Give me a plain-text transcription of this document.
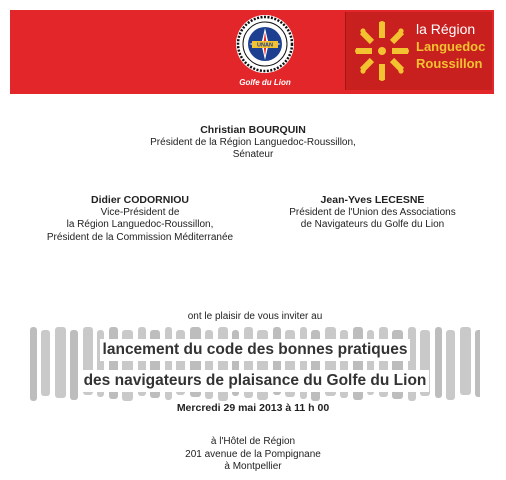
UNAN
Golfe du Lion
la Région
Languedoc
Roussillon
Christian BOURQUIN
Président de la Région Languedoc-Roussillon,
Sénateur
Didier CODORNIOU
Vice-Président de
la Région Languedoc-Roussillon,
Président de la Commission Méditerranée
Jean-Yves LECESNE
Président de l'Union des Associations
de Navigateurs du Golfe du Lion
ont le plaisir de vous inviter au
lancement du code des bonnes pratiques
des navigateurs de plaisance du Golfe du Lion
Mercredi 29 mai 2013 à 11 h 00
à l'Hôtel de Région
201 avenue de la Pompignane
à Montpellier
